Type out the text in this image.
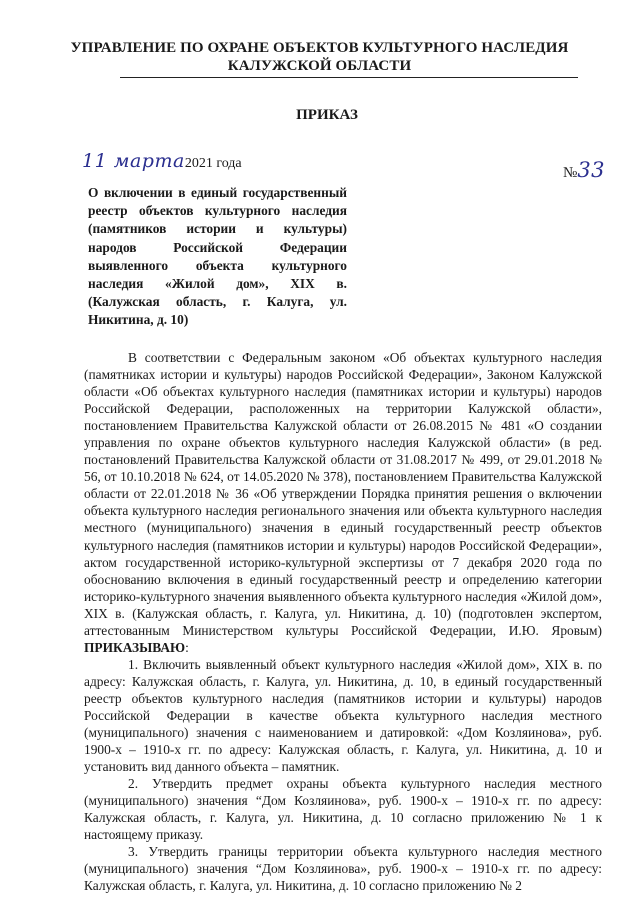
УПРАВЛЕНИЕ ПО ОХРАНЕ ОБЪЕКТОВ КУЛЬТУРНОГО НАСЛЕДИЯ
КАЛУЖСКОЙ ОБЛАСТИ
ПРИКАЗ
11 марта2021 года
№33
О включении в единый государственный реестр объектов культурного наследия (памятников истории и культуры) народов Российской Федерации выявленного объекта культурного наследия «Жилой дом», XIX в. (Калужская область, г. Калуга, ул. Никитина, д. 10)

В соответствии с Федеральным законом «Об объектах культурного наследия (памятниках истории и культуры) народов Российской Федерации», Законом Калужской области «Об объектах культурного наследия (памятниках истории и культуры) народов Российской Федерации, расположенных на территории Калужской области», постановлением Правительства Калужской области от 26.08.2015 № 481 «О создании управления по охране объектов культурного наследия Калужской области» (в ред. постановлений Правительства Калужской области от 31.08.2017 № 499, от 29.01.2018 № 56, от 10.10.2018 № 624, от 14.05.2020 № 378), постановлением Правительства Калужской области от 22.01.2018 № 36 «Об утверждении Порядка принятия решения о включении объекта культурного наследия регионального значения или объекта культурного наследия местного (муниципального) значения в единый государственный реестр объектов культурного наследия (памятников истории и культуры) народов Российской Федерации», актом государственной историко-культурной экспертизы от 7 декабря 2020 года по обоснованию включения в единый государственный реестр и определению категории историко-культурного значения выявленного объекта культурного наследия «Жилой дом», XIX в. (Калужская область, г. Калуга, ул. Никитина, д. 10) (подготовлен экспертом, аттестованным Министерством культуры Российской Федерации, И.Ю. Яровым) ПРИКАЗЫВАЮ:

1. Включить выявленный объект культурного наследия «Жилой дом», XIX в. по адресу: Калужская область, г. Калуга, ул. Никитина, д. 10, в единый государственный реестр объектов культурного наследия (памятников истории и культуры) народов Российской Федерации в качестве объекта культурного наследия местного (муниципального) значения с наименованием и датировкой: «Дом Козляинова», руб. 1900-х – 1910-х гг. по адресу: Калужская область, г. Калуга, ул. Никитина, д. 10 и установить вид данного объекта – памятник.

2. Утвердить предмет охраны объекта культурного наследия местного (муниципального) значения “Дом Козляинова», руб. 1900-х – 1910-х гг. по адресу: Калужская область, г. Калуга, ул. Никитина, д. 10 согласно приложению № 1 к настоящему приказу.

3. Утвердить границы территории объекта культурного наследия местного (муниципального) значения “Дом Козляинова», руб. 1900-х – 1910-х гг. по адресу: Калужская область, г. Калуга, ул. Никитина, д. 10 согласно приложению № 2
